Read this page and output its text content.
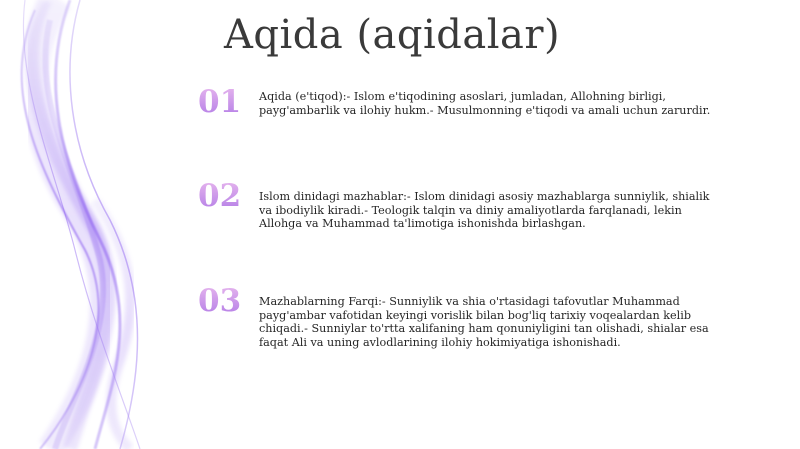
Aqida (aqidalar)
01 Aqida (e'tiqod):- Islom e'tiqodining asoslari, jumladan, Allohning birligi, payg'ambarlik va ilohiy hukm.- Musulmonning e'tiqodi va amali uchun zarurdir.
02 Islom dinidagi mazhablar:- Islom dinidagi asosiy mazhablarga sunniylik, shialik va ibodiylik kiradi.- Teologik talqin va diniy amaliyotlarda farqlanadi, lekin Allohga va Muhammad ta'limotiga ishonishda birlashgan.
03 Mazhablarning Farqi:- Sunniylik va shia o'rtasidagi tafovutlar Muhammad payg'ambar vafotidan keyingi vorislik bilan bog'liq tarixiy voqealardan kelib chiqadi.- Sunniylar to'rtta xalifaning ham qonuniyligini tan olishadi, shialar esa faqat Ali va uning avlodlarining ilohiy hokimiyatiga ishonishadi.
